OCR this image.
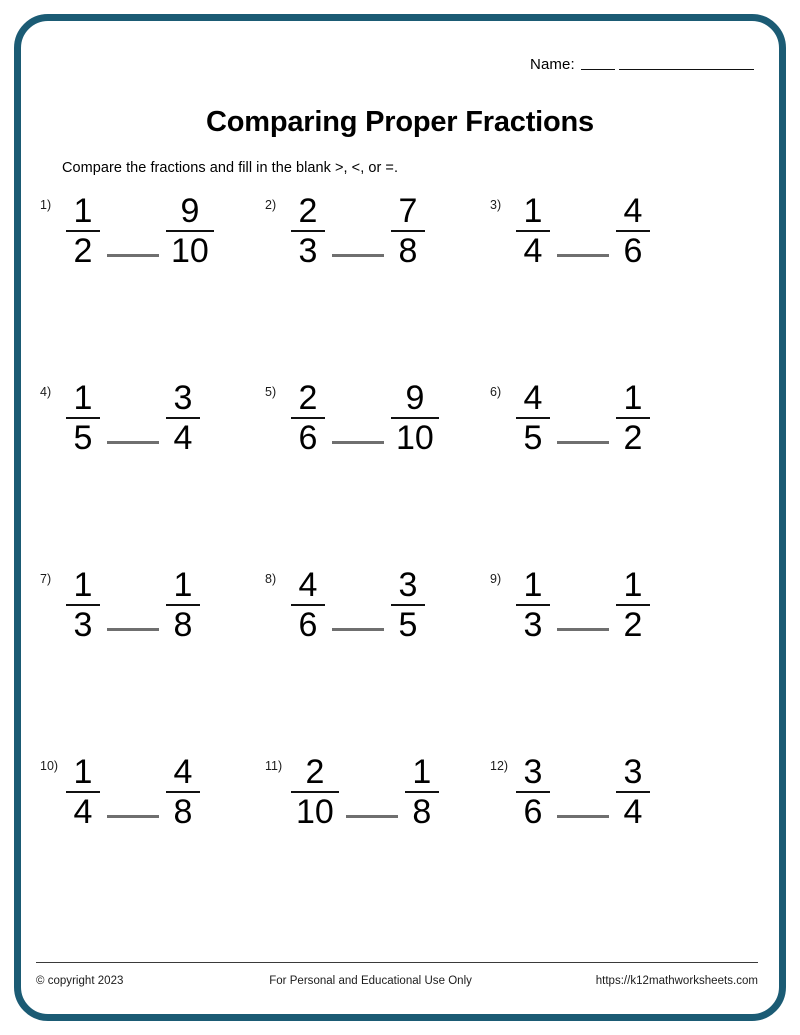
Name:
Comparing Proper Fractions
Compare the fractions and fill in the blank >, <, or =.
$1) \frac{1}{2} \frac{9}{10}$	$2) \frac{2}{3} \frac{7}{8}$	$3) \frac{1}{4} \frac{4}{6}$
$4) \frac{1}{5} \frac{3}{4}$	$5) \frac{2}{6} \frac{9}{10}$	$6) \frac{4}{5} \frac{1}{2}$
$7) \frac{1}{3} \frac{1}{8}$	$8) \frac{4}{6} \frac{3}{5}$	$9) \frac{1}{3} \frac{1}{2}$
$10) \frac{1}{4} \frac{4}{8}$	$11) \frac{2}{10} \frac{1}{8}$	$12) \frac{3}{6} \frac{3}{4}$
© copyright 2023	For Personal and Educational Use Only	https://k12mathworksheets.com
